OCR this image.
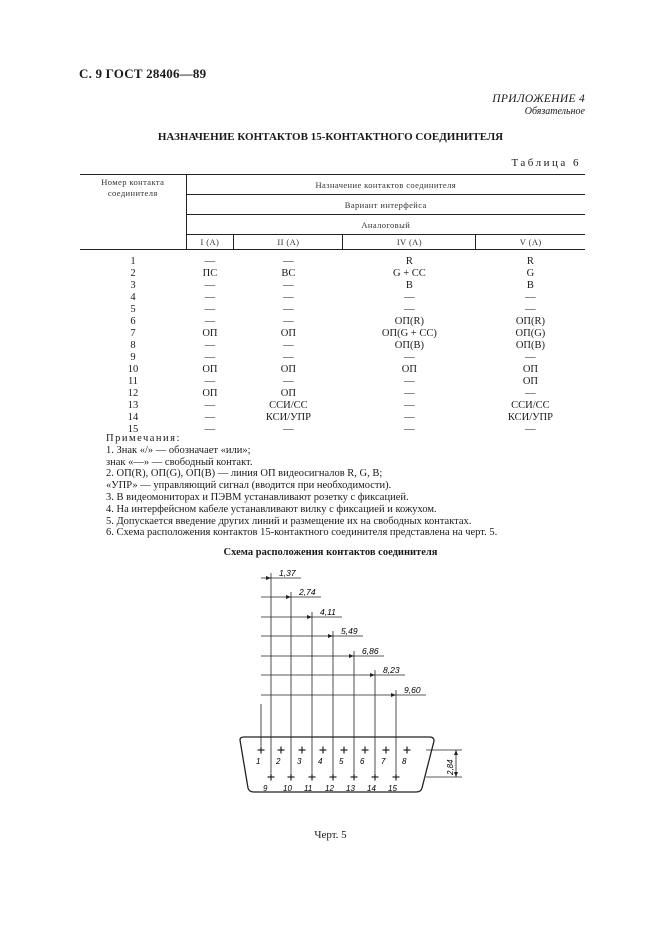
С. 9 ГОСТ 28406—89
ПРИЛОЖЕНИЕ 4
Обязательное
НАЗНАЧЕНИЕ КОНТАКТОВ 15-КОНТАКТНОГО СОЕДИНИТЕЛЯ
Таблица 6
Номер контакта
соединителя	Назначение контактов соединителя			
	Вариант интерфейса			
	Аналоговый			
	I (A)	II (A)	IV (A)	V (A)

1	—	—	R	R
2	ПС	ВС	G + CC	G
3	—	—	B	B
4	—	—	—	—
5	—	—	—	—
6	—	—	ОП(R)	ОП(R)
7	ОП	ОП	ОП(G + CC)	ОП(G)
8	—	—	ОП(B)	ОП(B)
9	—	—	—	—
10	ОП	ОП	ОП	ОП
11	—	—	—	ОП
12	ОП	ОП	—	—
13	—	ССИ/СС	—	ССИ/СС
14	—	КСИ/УПР	—	КСИ/УПР
15	—	—	—	—
Примечания:
1. Знак «/» — обозначает «или»;
знак «—» — свободный контакт.
2. ОП(R), ОП(G), ОП(B) — линия ОП видеосигналов R, G, B;
«УПР» — управляющий сигнал (вводится при необходимости).
3. В видеомониторах и ПЭВМ устанавливают розетку с фиксацией.
4. На интерфейсном кабеле устанавливают вилку с фиксацией и кожухом.
5. Допускается введение других линий и размещение их на свободных контактах.
6. Схема расположения контактов 15-контактного соединителя представлена на черт. 5.
Схема расположения контактов соединителя
1 2 3 4 5 6 7 8
9 10 11 12 13 14 15
1,37
2,74
4,11
5,49
6,86
8,23
9,60
2,84
Черт. 5
